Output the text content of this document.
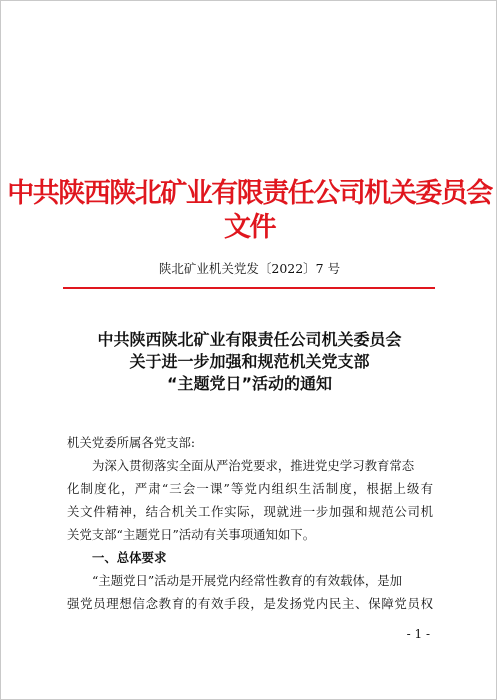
中共陕西陕北矿业有限责任公司机关委员会文件
陕北矿业机关党发〔2022〕7 号
中共陕西陕北矿业有限责任公司机关委员会
关于进一步加强和规范机关党支部
“主题党日”活动的通知
机关党委所属各党支部:
为深入贯彻落实全面从严治党要求，推进党史学习教育常态
化制度化，严肃“三会一课”等党内组织生活制度，根据上级有
关文件精神，结合机关工作实际，现就进一步加强和规范公司机
关党支部“主题党日”活动有关事项通知如下。
一、总体要求
“主题党日”活动是开展党内经常性教育的有效载体，是加
强党员理想信念教育的有效手段，是发扬党内民主、保障党员权
- 1 -
